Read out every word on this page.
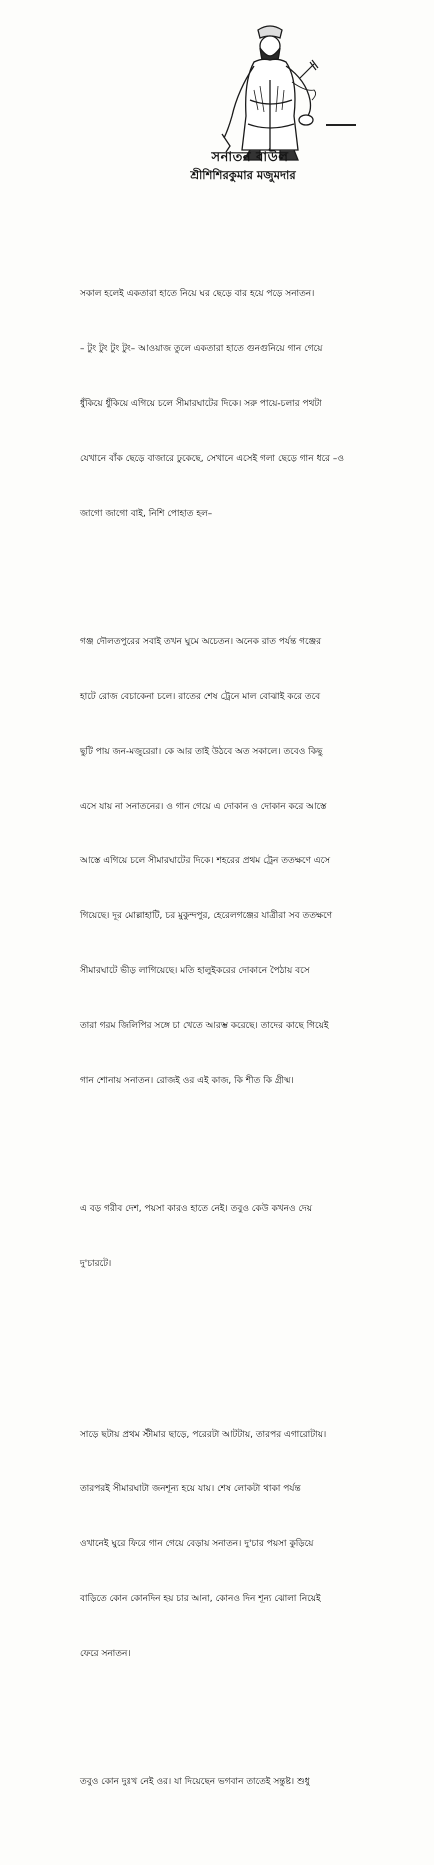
সনাতন বাউল
শ্রীশিশিরকুমার মজুমদার

সকাল হলেই একতারা হাতে নিয়ে ঘর ছেড়ে বার হয়ে পড়ে সনাতন।

– টুং টুং টুং টুং– আওয়াজ তুলে একতারা হাতে গুনগুনিয়ে গান গেয়ে

ধুঁকিয়ে ধুঁকিয়ে এগিয়ে চলে সীমারঘাটের দিকে। সরু পায়ে-চলার পথটা

যেখানে বাঁক ছেড়ে বাজারে ঢুকেছে, সেখানে এসেই গলা ছেড়ে গান ধরে –ও

জাগো জাগো বাই, নিশি পোহাত হল–

গঞ্জ দৌলতপুরের সবাই তখন ঘুমে অচেতন। অনেক রাত পর্যন্ত গঞ্জের

হাটে রোজ বেচাকেনা চলে। রাতের শেষ ট্রেনে মাল বোঝাই করে তবে

ছুটি পায় জন-মজুরেরা। কে আর তাই উঠবে অত সকালে। তবেও কিছু

এসে যায় না সনাতনের। ও গান গেয়ে এ দোকান ও দোকান করে আস্তে

আস্তে এগিয়ে চলে সীমারঘাটের দিকে। শহরের প্রথম ট্রেন ততক্ষণে এসে

গিয়েছে। দূর মোল্লাহাটি, চর মুকুন্দপুর, হেরেলগঞ্জের যাত্রীরা সব ততক্ষণে

সীমারঘাটে ভীড় লাগিয়েছে। মতি হালুইকরের দোকানে পৈঠায় বসে

তারা গরম জিলিপির সঙ্গে চা খেতে আরম্ভ করেছে। তাদের কাছে গিয়েই

গান শোনায় সনাতন। রোজই ওর এই কাজ, কি শীত কি গ্রীষ্ম।

এ বড় গরীব দেশ, পয়সা কারও হাতে নেই। তবুও কেউ কখনও দেয়

দু'চারটে।

সাড়ে ছটায় প্রথম স্টীমার ছাড়ে, পরেরটা আটটায়, তারপর এগারোটায়।

তারপরই সীমারঘাটা জনশূন্য হয়ে যায়। শেষ লোকটা থাকা পর্যন্ত

ওখানেই ঘুরে ফিরে গান গেয়ে বেড়ায় সনাতন। দু'চার পয়সা কুড়িয়ে

বাড়িতে কোন কোনদিন হয় চার আনা, কোনও দিন শূন্য ঝোলা নিয়েই

ফেরে সনাতন।

তবুও কোন দুঃখ নেই ওর। যা দিয়েছেন ভগবান তাতেই সন্তুষ্ট। শুধু
